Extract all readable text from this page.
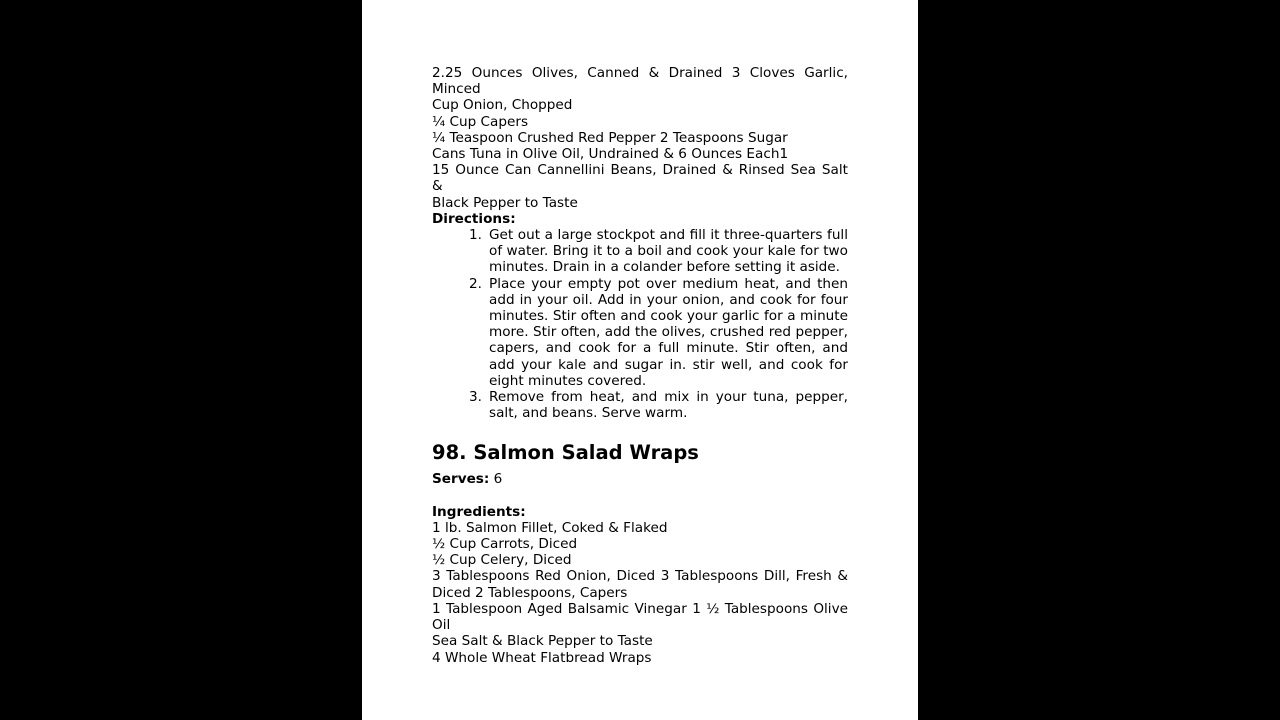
2.25 Ounces Olives, Canned & Drained 3 Cloves Garlic,
Minced
Cup Onion, Chopped
¼ Cup Capers
¼ Teaspoon Crushed Red Pepper 2 Teaspoons Sugar
Cans Tuna in Olive Oil, Undrained & 6 Ounces Each1
15 Ounce Can Cannellini Beans, Drained & Rinsed Sea Salt &
Black Pepper to Taste
Directions:
1. Get out a large stockpot and fill it three-quarters full of water. Bring it to a boil and cook your kale for two minutes. Drain in a colander before setting it aside.
2. Place your empty pot over medium heat, and then add in your oil. Add in your onion, and cook for four minutes. Stir often and cook your garlic for a minute more. Stir often, add the olives, crushed red pepper, capers, and cook for a full minute. Stir often, and add your kale and sugar in. stir well, and cook for eight minutes covered.
3. Remove from heat, and mix in your tuna, pepper, salt, and beans. Serve warm.
98. Salmon Salad Wraps
Serves: 6
Ingredients:
1 lb. Salmon Fillet, Coked & Flaked
½ Cup Carrots, Diced
½ Cup Celery, Diced
3 Tablespoons Red Onion, Diced 3 Tablespoons Dill, Fresh &
Diced 2 Tablespoons, Capers
1 Tablespoon Aged Balsamic Vinegar 1 ½ Tablespoons Olive
Oil
Sea Salt & Black Pepper to Taste
4 Whole Wheat Flatbread Wraps
